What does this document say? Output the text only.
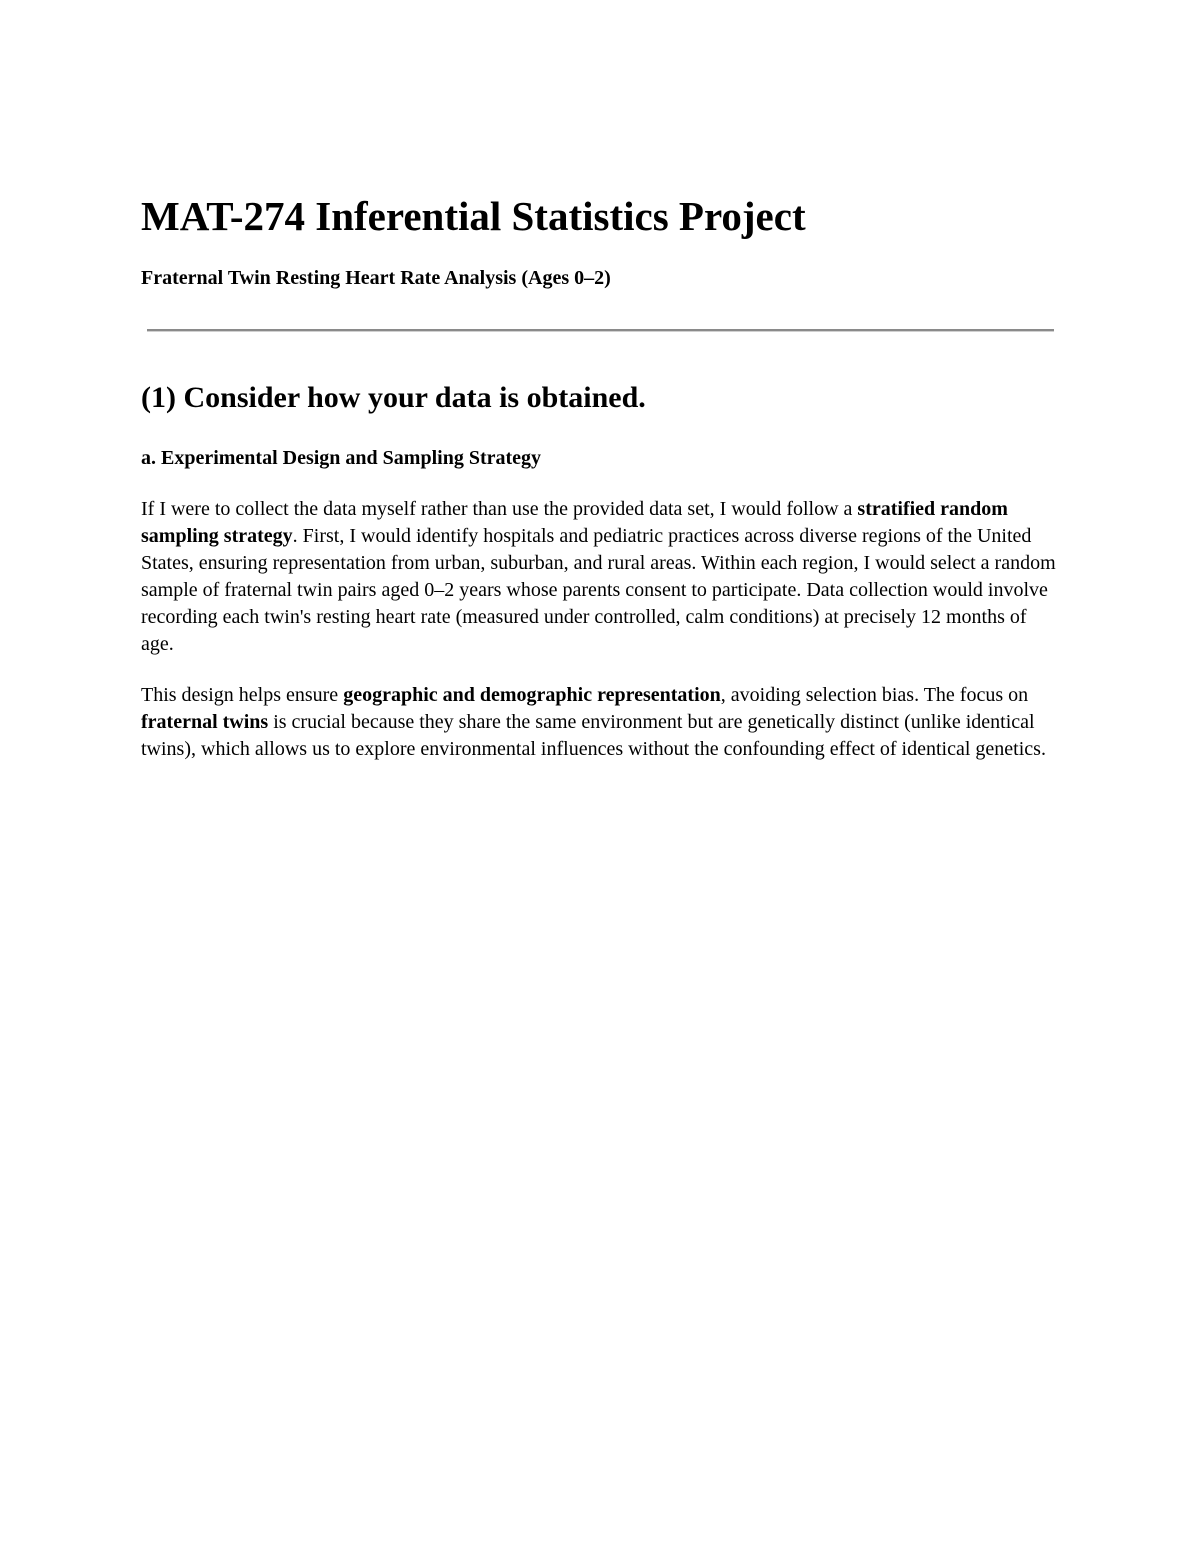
MAT-274 Inferential Statistics Project

Fraternal Twin Resting Heart Rate Analysis (Ages 0–2)

(1) Consider how your data is obtained.
a. Experimental Design and Sampling Strategy

If I were to collect the data myself rather than use the provided data set, I would follow a stratified random sampling strategy. First, I would identify hospitals and pediatric practices across diverse regions of the United States, ensuring representation from urban, suburban, and rural areas. Within each region, I would select a random sample of fraternal twin pairs aged 0–2 years whose parents consent to participate. Data collection would involve recording each twin's resting heart rate (measured under controlled, calm conditions) at precisely 12 months of age.

This design helps ensure geographic and demographic representation, avoiding selection bias. The focus on fraternal twins is crucial because they share the same environment but are genetically distinct (unlike identical twins), which allows us to explore environmental influences without the confounding effect of identical genetics.
